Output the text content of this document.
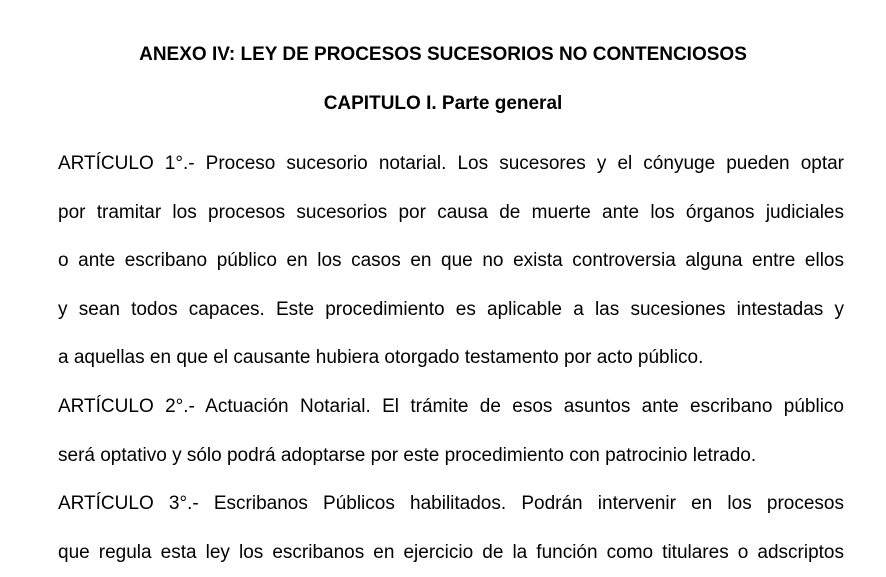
ANEXO IV: LEY DE PROCESOS SUCESORIOS NO CONTENCIOSOS
CAPITULO I. Parte general
ARTÍCULO 1°.- Proceso sucesorio notarial. Los sucesores y el cónyuge pueden optar
por tramitar los procesos sucesorios por causa de muerte ante los órganos judiciales
o ante escribano público en los casos en que no exista controversia alguna entre ellos
y sean todos capaces. Este procedimiento es aplicable a las sucesiones intestadas y
a aquellas en que el causante hubiera otorgado testamento por acto público.
ARTÍCULO 2°.- Actuación Notarial. El trámite de esos asuntos ante escribano público
será optativo y sólo podrá adoptarse por este procedimiento con patrocinio letrado.
ARTÍCULO 3°.- Escribanos Públicos habilitados. Podrán intervenir en los procesos
que regula esta ley los escribanos en ejercicio de la función como titulares o adscriptos
